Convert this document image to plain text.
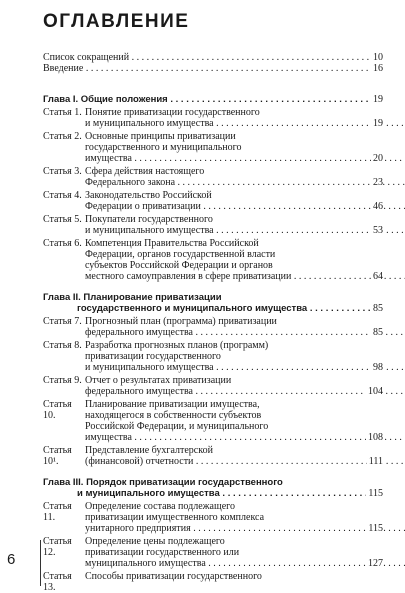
ОГЛАВЛЕНИЕ
Список сокращений . . .	10
Введение . . .	16
Глава I. Общие положения . . .	19
Статья 1. Понятие приватизации государственного
и муниципального имущества . . .	19
Статья 2. Основные принципы приватизации
государственного и муниципального
имущества . . .	20
Статья 3. Сфера действия настоящего
Федерального закона . . .	23
Статья 4. Законодательство Российской
Федерации о приватизации . . .	46
Статья 5. Покупатели государственного
и муниципального имущества . . .	53
Статья 6. Компетенция Правительства Российской
Федерации, органов государственной власти
субъектов Российской Федерации и органов
местного самоуправления в сфере приватизации . . .	64
Глава II. Планирование приватизации
государственного и муниципального имущества . . .	85
Статья 7. Прогнозный план (программа) приватизации
федерального имущества . . .	85
Статья 8. Разработка прогнозных планов (программ)
приватизации государственного
и муниципального имущества . . .	98
Статья 9. Отчет о результатах приватизации
федерального имущества . . .	104
Статья 10.
Планирование приватизации имущества,
находящегося в собственности субъектов
Российской Федерации, и муниципального
имущества . . .	108
Статья 10¹.
Представление бухгалтерской
(финансовой) отчетности . . .	111
Глава III. Порядок приватизации государственного
и муниципального имущества . . .	115
Статья 11.
Определение состава подлежащего
приватизации имущественного комплекса
унитарного предприятия . . .	115
Статья 12.
Определение цены подлежащего
приватизации государственного или
муниципального имущества . . .	127
Статья 13.
Способы приватизации государственного
6
